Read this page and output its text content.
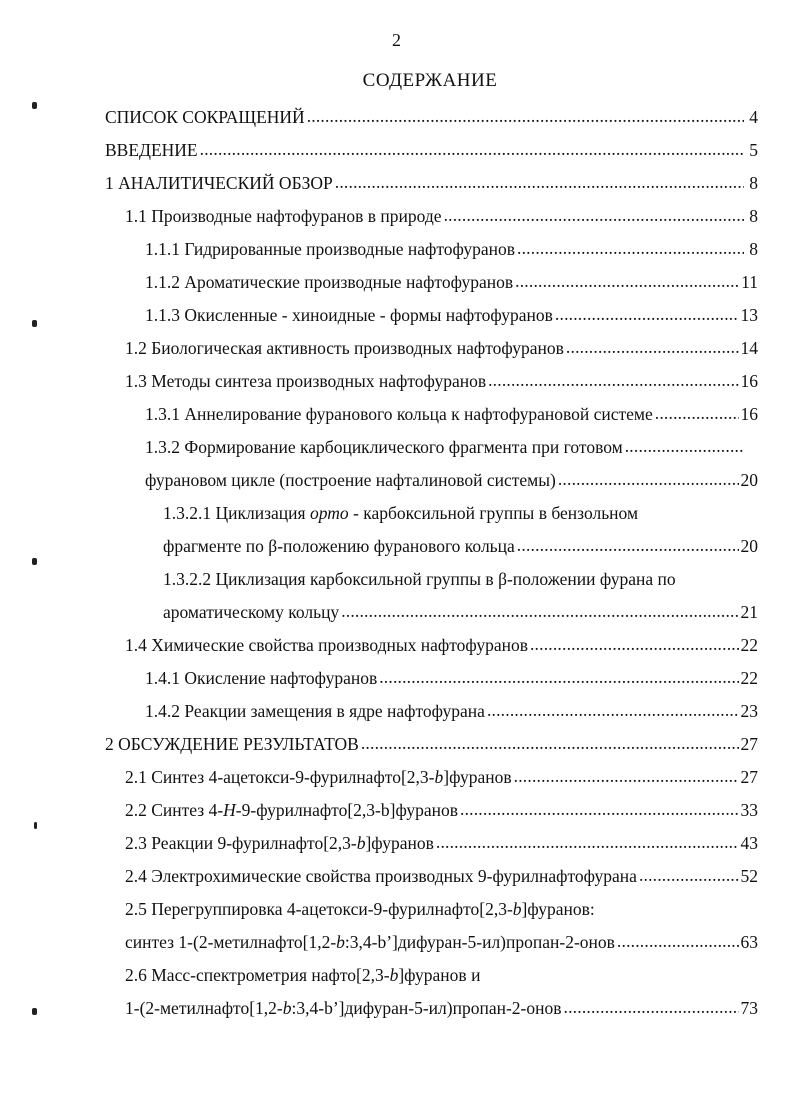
2
СОДЕРЖАНИЕ
СПИСОК СОКРАЩЕНИЙ .....	4
ВВЕДЕНИЕ .....	5
1 АНАЛИТИЧЕСКИЙ ОБЗОР .....	8
1.1 Производные нафтофуранов в природе .....	8
1.1.1 Гидрированные производные нафтофуранов .....	8
1.1.2 Ароматические производные нафтофуранов .....	11
1.1.3 Окисленные - хиноидные - формы нафтофуранов .....	13
1.2 Биологическая активность производных нафтофуранов .....	14
1.3 Методы синтеза производных нафтофуранов .....	16
1.3.1 Аннелирование фуранового кольца к нафтофурановой системе .....	16
1.3.2 Формирование карбоциклического фрагмента при готовом
.....
фурановом цикле (построение нафталиновой системы) .....	20
1.3.2.1 Циклизация орто - карбоксильной группы в бензольном
фрагменте по β-положению фуранового кольца .....	20
1.3.2.2 Циклизация карбоксильной группы в β-положении фурана по
ароматическому кольцу .....	21
1.4 Химические свойства производных нафтофуранов .....	22
1.4.1 Окисление нафтофуранов .....	22
1.4.2 Реакции замещения в ядре нафтофурана .....	23
2 ОБСУЖДЕНИЕ РЕЗУЛЬТАТОВ .....	27
2.1 Синтез 4-ацетокси-9-фурилнафто[2,3-b]фуранов .....	27
2.2 Синтез 4-H-9-фурилнафто[2,3-b]фуранов .....	33
2.3 Реакции 9-фурилнафто[2,3-b]фуранов .....	43
2.4 Электрохимические свойства производных 9-фурилнафтофурана .....	52
2.5 Перегруппировка 4-ацетокси-9-фурилнафто[2,3-b]фуранов:
синтез 1-(2-метилнафто[1,2-b:3,4-b’]дифуран-5-ил)пропан-2-онов .....	63
2.6 Масс-спектрометрия нафто[2,3-b]фуранов и
1-(2-метилнафто[1,2-b:3,4-b’]дифуран-5-ил)пропан-2-онов .....	73
